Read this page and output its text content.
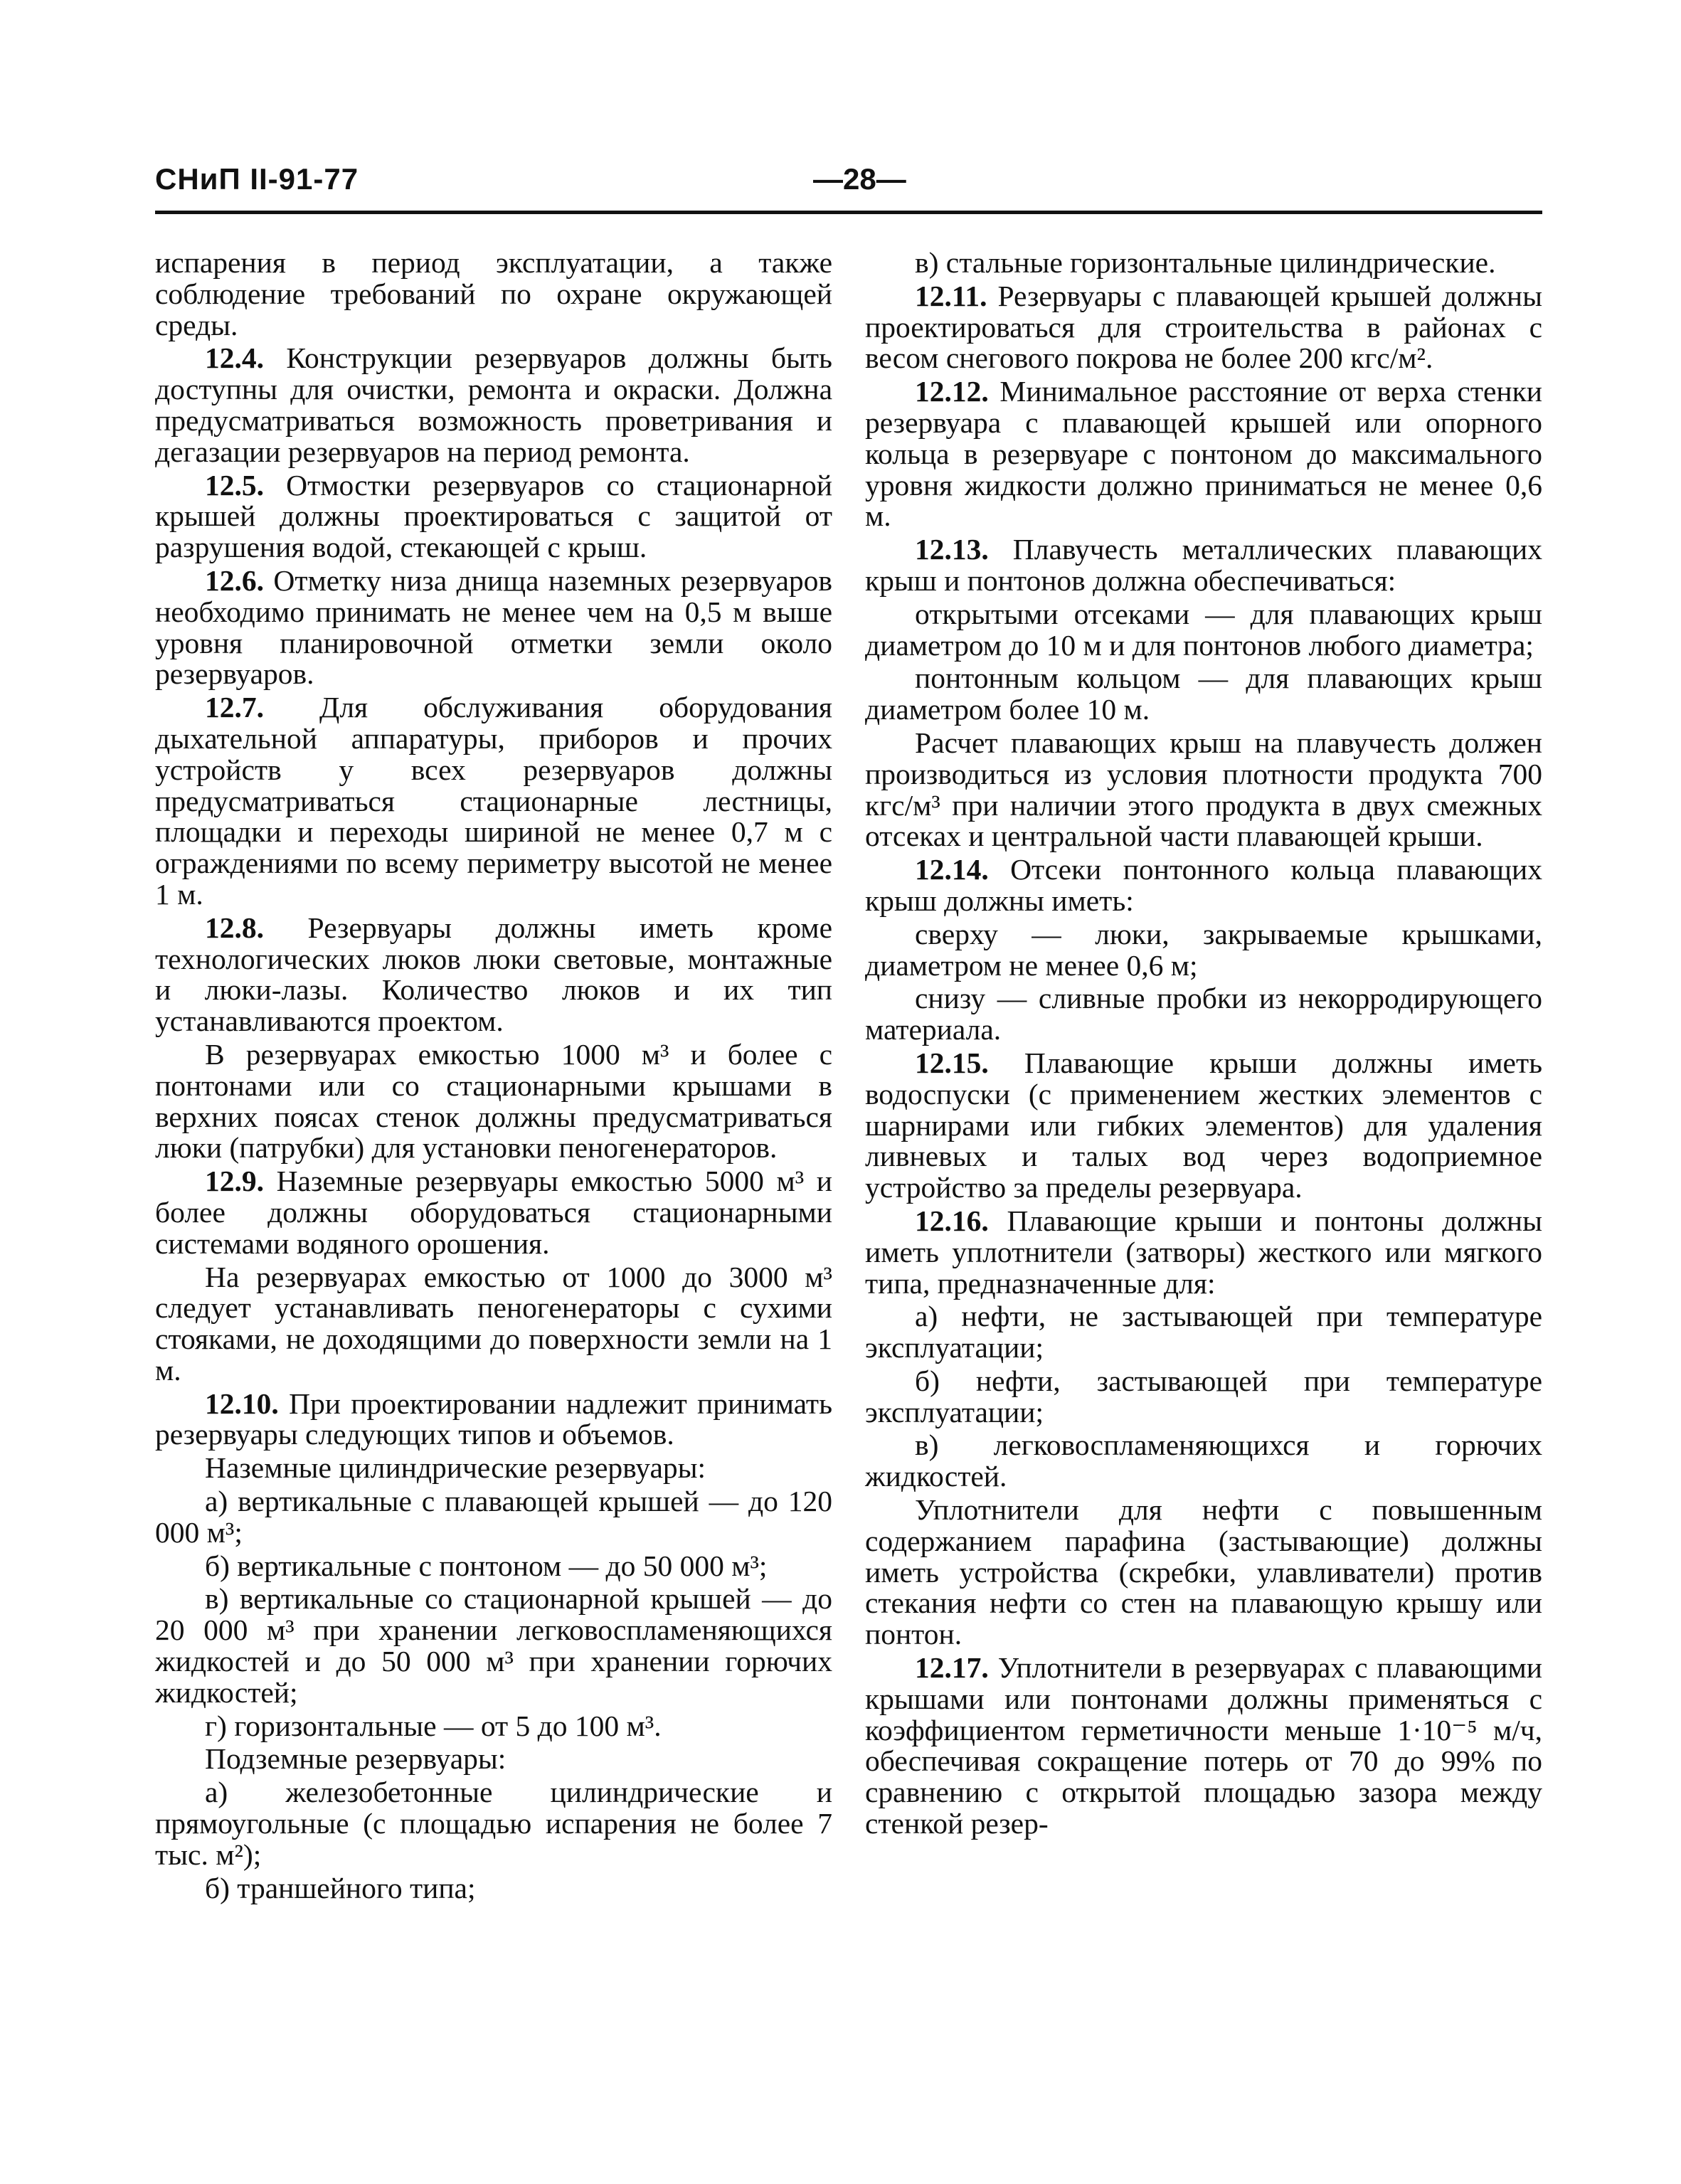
СНиП II-91-77	—28—

испарения в период эксплуатации, а также соблюдение требований по охране окружающей среды.

12.4. Конструкции резервуаров должны быть доступны для очистки, ремонта и окраски. Должна предусматриваться возможность проветривания и дегазации резервуаров на период ремонта.

12.5. Отмостки резервуаров со стационарной крышей должны проектироваться с защитой от разрушения водой, стекающей с крыш.

12.6. Отметку низа днища наземных резервуаров необходимо принимать не менее чем на 0,5 м выше уровня планировочной отметки земли около резервуаров.

12.7. Для обслуживания оборудования дыхательной аппаратуры, приборов и прочих устройств у всех резервуаров должны предусматриваться стационарные лестницы, площадки и переходы шириной не менее 0,7 м с ограждениями по всему периметру высотой не менее 1 м.

12.8. Резервуары должны иметь кроме технологических люков люки световые, монтажные и люки-лазы. Количество люков и их тип устанавливаются проектом.

В резервуарах емкостью 1000 м³ и более с понтонами или со стационарными крышами в верхних поясах стенок должны предусматриваться люки (патрубки) для установки пеногенераторов.

12.9. Наземные резервуары емкостью 5000 м³ и более должны оборудоваться стационарными системами водяного орошения.

На резервуарах емкостью от 1000 до 3000 м³ следует устанавливать пеногенераторы с сухими стояками, не доходящими до поверхности земли на 1 м.

12.10. При проектировании надлежит принимать резервуары следующих типов и объемов.

Наземные цилиндрические резервуары:

а) вертикальные с плавающей крышей — до 120 000 м³;

б) вертикальные с понтоном — до 50 000 м³;

в) вертикальные со стационарной крышей — до 20 000 м³ при хранении легковоспламеняющихся жидкостей и до 50 000 м³ при хранении горючих жидкостей;

г) горизонтальные — от 5 до 100 м³.

Подземные резервуары:

а) железобетонные цилиндрические и прямоугольные (с площадью испарения не более 7 тыс. м²);

б) траншейного типа;

в) стальные горизонтальные цилиндрические.

12.11. Резервуары с плавающей крышей должны проектироваться для строительства в районах с весом снегового покрова не более 200 кгс/м².

12.12. Минимальное расстояние от верха стенки резервуара с плавающей крышей или опорного кольца в резервуаре с понтоном до максимального уровня жидкости должно приниматься не менее 0,6 м.

12.13. Плавучесть металлических плавающих крыш и понтонов должна обеспечиваться:

открытыми отсеками — для плавающих крыш диаметром до 10 м и для понтонов любого диаметра;

понтонным кольцом — для плавающих крыш диаметром более 10 м.

Расчет плавающих крыш на плавучесть должен производиться из условия плотности продукта 700 кгс/м³ при наличии этого продукта в двух смежных отсеках и центральной части плавающей крыши.

12.14. Отсеки понтонного кольца плавающих крыш должны иметь:

сверху — люки, закрываемые крышками, диаметром не менее 0,6 м;

снизу — сливные пробки из некорродирующего материала.

12.15. Плавающие крыши должны иметь водоспуски (с применением жестких элементов с шарнирами или гибких элементов) для удаления ливневых и талых вод через водоприемное устройство за пределы резервуара.

12.16. Плавающие крыши и понтоны должны иметь уплотнители (затворы) жесткого или мягкого типа, предназначенные для:

а) нефти, не застывающей при температуре эксплуатации;

б) нефти, застывающей при температуре эксплуатации;

в) легковоспламеняющихся и горючих жидкостей.

Уплотнители для нефти с повышенным содержанием парафина (застывающие) должны иметь устройства (скребки, улавливатели) против стекания нефти со стен на плавающую крышу или понтон.

12.17. Уплотнители в резервуарах с плавающими крышами или понтонами должны применяться с коэффициентом герметичности меньше 1·10⁻⁵ м/ч, обеспечивая сокращение потерь от 70 до 99% по сравнению с открытой площадью зазора между стенкой резер-
